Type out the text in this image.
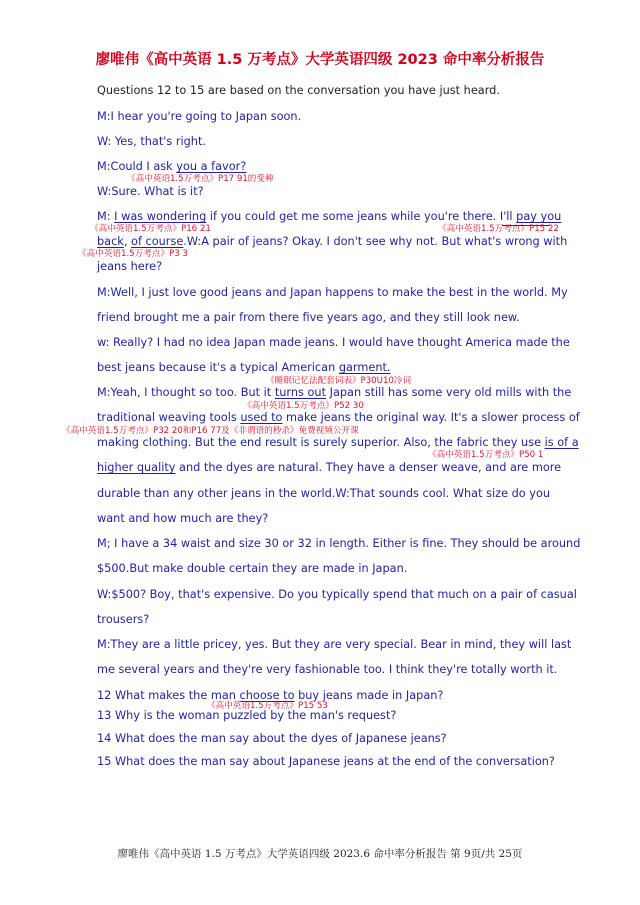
廖唯伟《高中英语 1.5 万考点》大学英语四级 2023 命中率分析报告
Questions 12 to 15 are based on the conversation you have just heard.
M:I hear you're going to Japan soon.
W: Yes, that's right.
M:Could I ask you a favor?
《高中英语1.5万考点》P17 91的变种
W:Sure. What is it?
M: I was wondering if you could get me some jeans while you're there. I'll pay you
《高中英语1.5万考点》P16 21	《高中英语1.5万考点》P15 22
back, of course.W:A pair of jeans? Okay. I don't see why not. But what's wrong with
《高中英语1.5万考点》P3 3
jeans here?
M:Well, I just love good jeans and Japan happens to make the best in the world. My
friend brought me a pair from there five years ago, and they still look new.
w: Really? I had no idea Japan made jeans. I would have thought America made the
best jeans because it's a typical American garment.
《睡眠记忆法配套词表》P30U10冷词
M:Yeah, I thought so too. But it turns out Japan still has some very old mills with the
《高中英语1.5万考点》P52 30
traditional weaving tools used to make jeans the original way. It's a slower process of
《高中英语1.5万考点》P32 20和P16 77及《非谓语的秒杀》免费视频公开课
making clothing. But the end result is surely superior. Also, the fabric they use is of a
《高中英语1.5万考点》P50 1
higher quality and the dyes are natural. They have a denser weave, and are more
durable than any other jeans in the world.W:That sounds cool. What size do you
want and how much are they?
M; I have a 34 waist and size 30 or 32 in length. Either is fine. They should be around
$500.But make double certain they are made in Japan.
W:$500? Boy, that's expensive. Do you typically spend that much on a pair of casual
trousers?
M:They are a little pricey, yes. But they are very special. Bear in mind, they will last
me several years and they're very fashionable too. I think they're totally worth it.
12 What makes the man choose to buy jeans made in Japan?
《高中英语1.5万考点》P15 53
13 Why is the woman puzzled by the man's request?
14 What does the man say about the dyes of Japanese jeans?
15 What does the man say about Japanese jeans at the end of the conversation?
廖唯伟《高中英语 1.5 万考点》大学英语四级 2023.6 命中率分析报告 第 9页/共 25页
